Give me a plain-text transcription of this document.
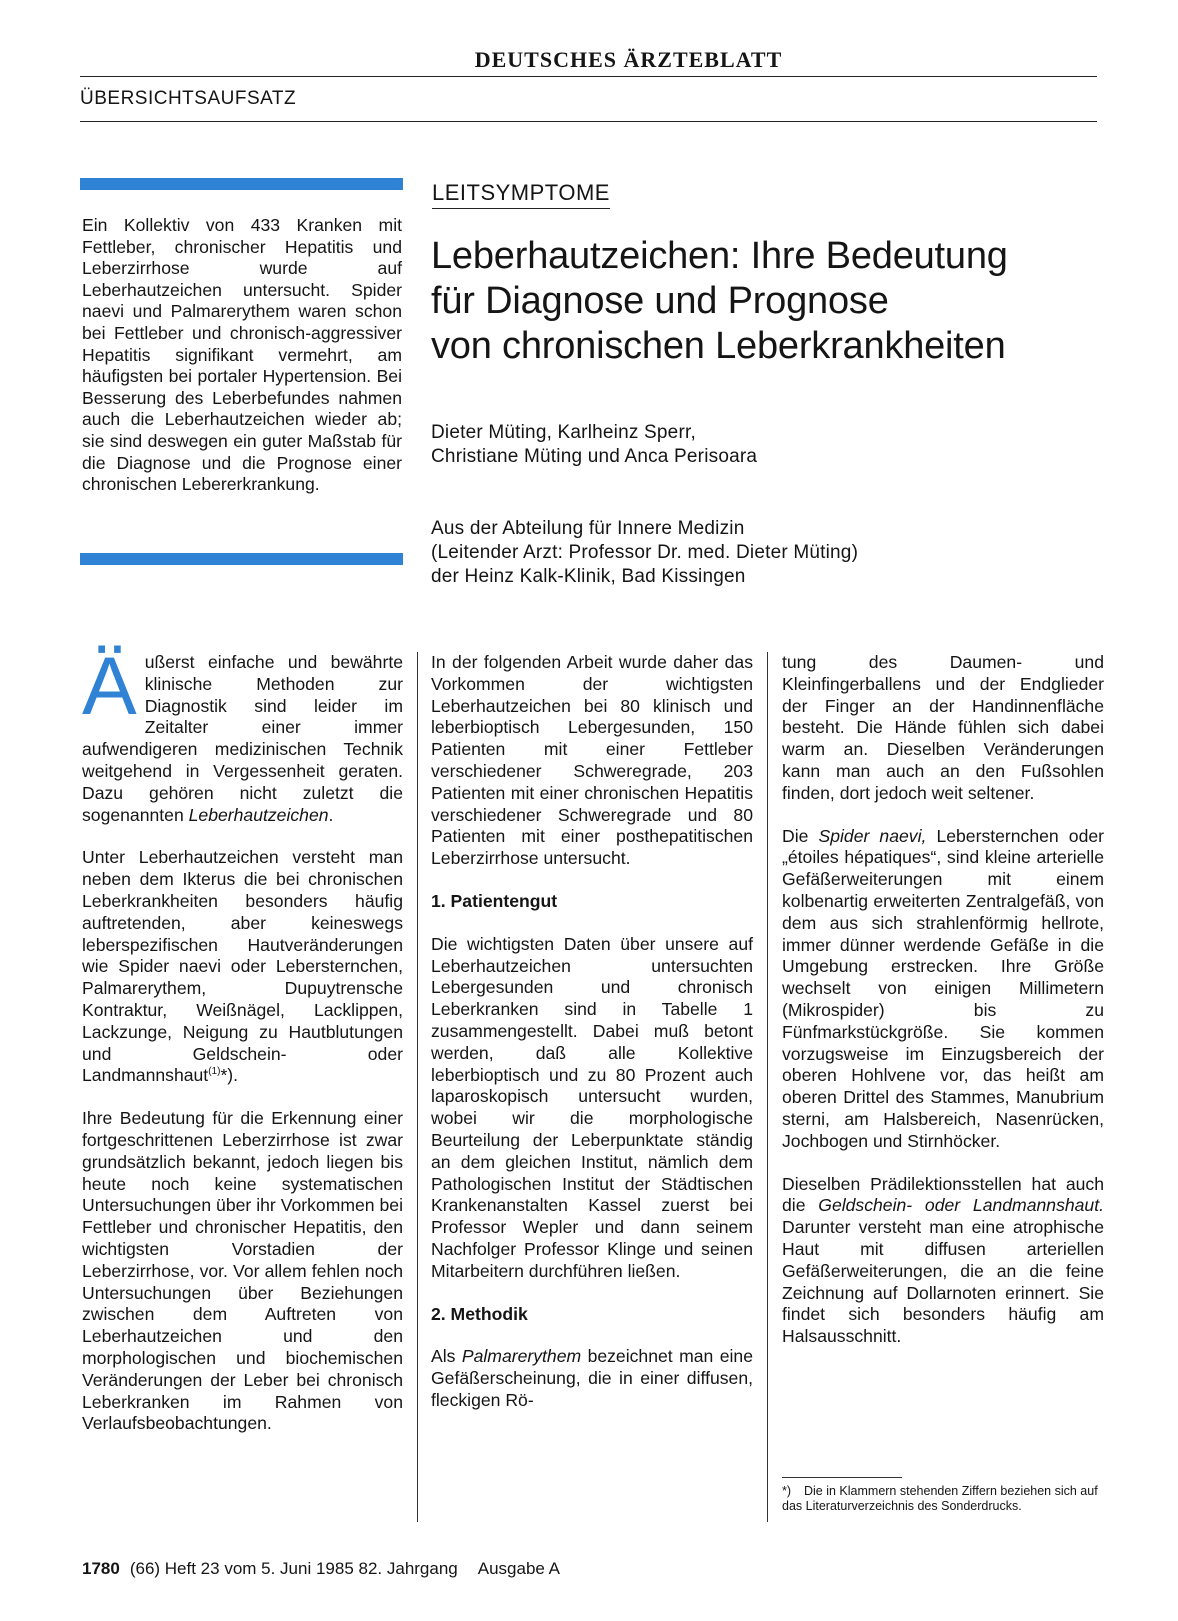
DEUTSCHES ÄRZTEBLATT
ÜBERSICHTSAUFSATZ
Ein Kollektiv von 433 Kranken mit Fettleber, chronischer Hepatitis und Leberzirrhose wurde auf Leberhautzeichen untersucht. Spider naevi und Palmarerythem waren schon bei Fettleber und chronisch-aggressiver Hepatitis signifikant vermehrt, am häufigsten bei portaler Hypertension. Bei Besserung des Leberbefundes nahmen auch die Leberhautzeichen wieder ab; sie sind deswegen ein guter Maßstab für die Diagnose und die Prognose einer chronischen Lebererkrankung.
LEITSYMPTOME
Leberhautzeichen: Ihre Bedeutung
für Diagnose und Prognose
von chronischen Leberkrankheiten
Dieter Müting, Karlheinz Sperr,
Christiane Müting und Anca Perisoara
Aus der Abteilung für Innere Medizin
(Leitender Arzt: Professor Dr. med. Dieter Müting)
der Heinz Kalk-Klinik, Bad Kissingen

Äußerst einfache und bewährte klinische Methoden zur Diagnostik sind leider im Zeitalter einer immer aufwendigeren medizinischen Technik weitgehend in Vergessenheit geraten. Dazu gehören nicht zuletzt die sogenannten Leberhautzeichen.

Unter Leberhautzeichen versteht man neben dem Ikterus die bei chronischen Leberkrankheiten besonders häufig auftretenden, aber keineswegs leberspezifischen Hautveränderungen wie Spider naevi oder Lebersternchen, Palmarerythem, Dupuytrensche Kontraktur, Weißnägel, Lacklippen, Lackzunge, Neigung zu Hautblutungen und Geldschein- oder Landmannshaut$^{(1)}$*).

Ihre Bedeutung für die Erkennung einer fortgeschrittenen Leberzirrhose ist zwar grundsätzlich bekannt, jedoch liegen bis heute noch keine systematischen Untersuchungen über ihr Vorkommen bei Fettleber und chronischer Hepatitis, den wichtigsten Vorstadien der Leberzirrhose, vor. Vor allem fehlen noch Untersuchungen über Beziehungen zwischen dem Auftreten von Leberhautzeichen und den morphologischen und biochemischen Veränderungen der Leber bei chronisch Leberkranken im Rahmen von Verlaufsbeobachtungen.

In der folgenden Arbeit wurde daher das Vorkommen der wichtigsten Leberhautzeichen bei 80 klinisch und leberbioptisch Lebergesunden, 150 Patienten mit einer Fettleber verschiedener Schweregrade, 203 Patienten mit einer chronischen Hepatitis verschiedener Schweregrade und 80 Patienten mit einer posthepatitischen Leberzirrhose untersucht.

1. Patientengut

Die wichtigsten Daten über unsere auf Leberhautzeichen untersuchten Lebergesunden und chronisch Leberkranken sind in Tabelle 1 zusammengestellt. Dabei muß betont werden, daß alle Kollektive leberbioptisch und zu 80 Prozent auch laparoskopisch untersucht wurden, wobei wir die morphologische Beurteilung der Leberpunktate ständig an dem gleichen Institut, nämlich dem Pathologischen Institut der Städtischen Krankenanstalten Kassel zuerst bei Professor Wepler und dann seinem Nachfolger Professor Klinge und seinen Mitarbeitern durchführen ließen.

2. Methodik

Als Palmarerythem bezeichnet man eine Gefäßerscheinung, die in einer diffusen, fleckigen Rö-

tung des Daumen- und Kleinfingerballens und der Endglieder der Finger an der Handinnenfläche besteht. Die Hände fühlen sich dabei warm an. Dieselben Veränderungen kann man auch an den Fußsohlen finden, dort jedoch weit seltener.

Die Spider naevi, Lebersternchen oder „étoiles hépatiques“, sind kleine arterielle Gefäßerweiterungen mit einem kolbenartig erweiterten Zentralgefäß, von dem aus sich strahlenförmig hellrote, immer dünner werdende Gefäße in die Umgebung erstrecken. Ihre Größe wechselt von einigen Millimetern (Mikrospider) bis zu Fünfmarkstückgröße. Sie kommen vorzugsweise im Einzugsbereich der oberen Hohlvene vor, das heißt am oberen Drittel des Stammes, Manubrium sterni, am Halsbereich, Nasenrücken, Jochbogen und Stirnhöcker.

Dieselben Prädilektionsstellen hat auch die Geldschein- oder Landmannshaut. Darunter versteht man eine atrophische Haut mit diffusen arteriellen Gefäßerweiterungen, die an die feine Zeichnung auf Dollarnoten erinnert. Sie findet sich besonders häufig am Halsausschnitt.

*) Die in Klammern stehenden Ziffern beziehen sich auf das Literaturverzeichnis des Sonderdrucks.
1780 (66) Heft 23 vom 5. Juni 1985 82. Jahrgang Ausgabe A
